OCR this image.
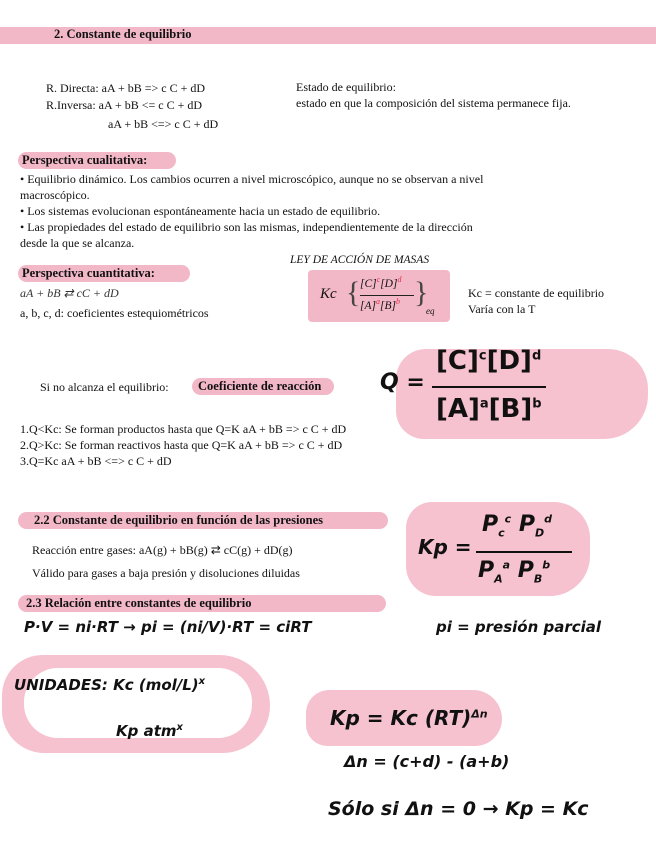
2. Constante de equilibrio
R. Directa: aA + bB => c C + dD
R.Inversa: aA + bB <= c C + dD
aA + bB <=> c C + dD
Estado de equilibrio:
estado en que la composición del sistema permanece fija.
Perspectiva cualitativa:
• Equilibrio dinámico. Los cambios ocurren a nivel microscópico, aunque no se observan a nivel
macroscópico.
• Los sistemas evolucionan espontáneamente hacia un estado de equilibrio.
• Las propiedades del estado de equilibrio son las mismas, independientemente de la dirección
desde la que se alcanza.
Perspectiva cuantitativa:
aA + bB ⇄ cC + dD
a, b, c, d: coeficientes estequiométricos
LEY DE ACCIÓN DE MASAS
Kc { $[C]^c[D]^d$
$[A]^a[B]^b$ }
eq
Kc = constante de equilibrio
Varía con la T
Si no alcanza el equilibrio: Coeficiente de reacción	Q =
$[C]^c[D]^d$
$[A]^a[B]^b$
1.Q<Kc: Se forman productos hasta que Q=K aA + bB => c C + dD
2.Q>Kc: Se forman reactivos hasta que Q=K aA + bB => c C + dD
3.Q=Kc aA + bB <=> c C + dD
2.2 Constante de equilibrio en función de las presiones
Reacción entre gases: aA(g) + bB(g) ⇄ cC(g) + dD(g)
Válido para gases a baja presión y disoluciones diluidas
Kp =
$P_c^c$ $P_D^d$
$P_A^a$ $P_B^b$
2.3 Relación entre constantes de equilibrio
P·V = ni·RT → pi = (ni/V)·RT = ciRT	pi = presión parcial
UNIDADES: Kc $(mol/L)^x$
Kp atm$^x$	Kp = Kc (RT)$^{\Delta n}$
Δn = (c+d) - (a+b)
Sólo si Δn = 0 → Kp = Kc
